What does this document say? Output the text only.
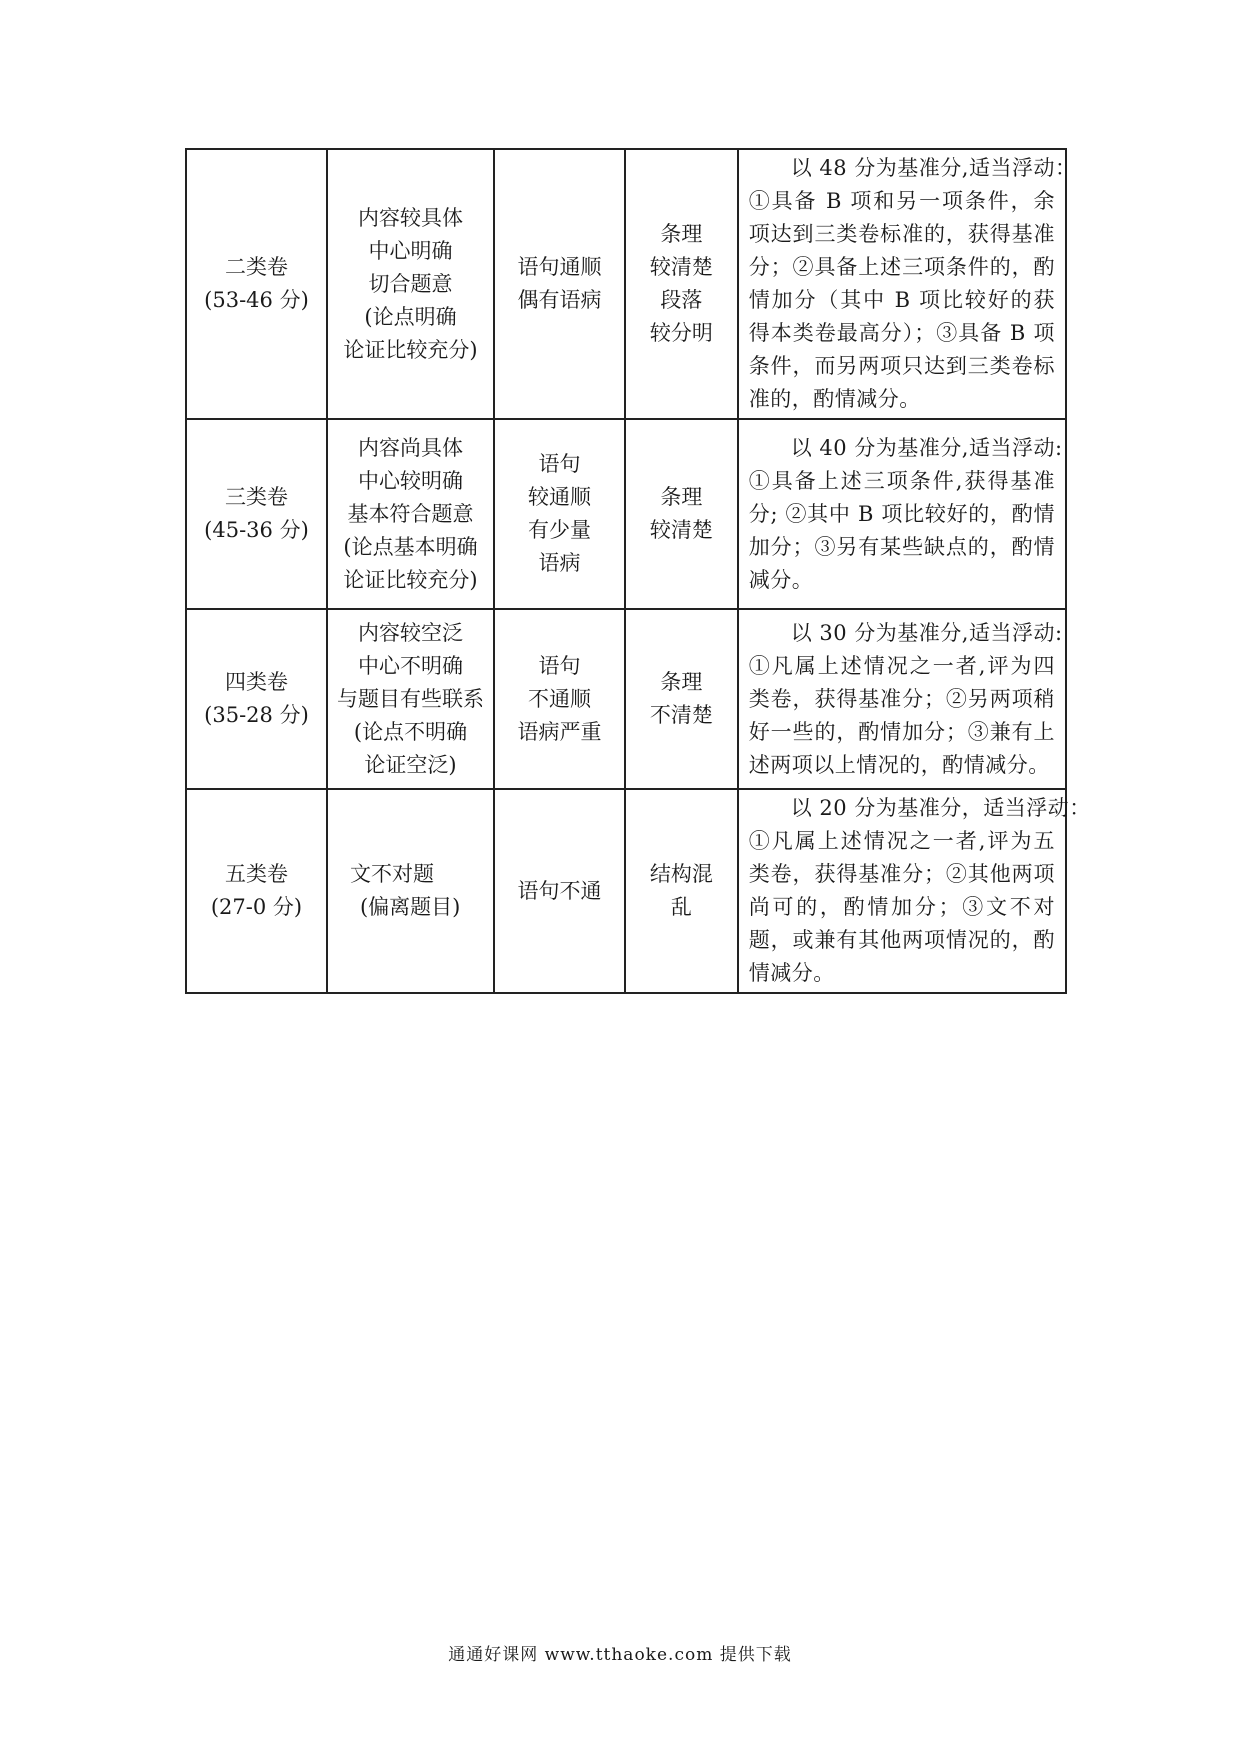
二类卷
(53-46 分)	内容较具体
中心明确
切合题意
(论点明确
论证比较充分)	语句通顺
偶有语病	条理
较清楚
段落
较分明	以 48 分为基准分,适当浮动：
①具备 B 项和另一项条件，余项达到三类卷标准的，获得基准分；②具备上述三项条件的，酌情加分（其中 B 项比较好的获得本类卷最高分）；③具备 B 项条件，而另两项只达到三类卷标准的，酌情减分。

三类卷
(45-36 分)	内容尚具体
中心较明确
基本符合题意
(论点基本明确
论证比较充分)	语句
较通顺
有少量
语病	条理
较清楚	以 40 分为基准分,适当浮动:
①具备上述三项条件,获得基准分; ②其中 B 项比较好的，酌情加分；③另有某些缺点的，酌情减分。

四类卷
(35-28 分)	内容较空泛
中心不明确
与题目有些联系
(论点不明确
论证空泛)	语句
不通顺
语病严重	条理
不清楚	以 30 分为基准分,适当浮动:
①凡属上述情况之一者,评为四类卷，获得基准分；②另两项稍好一些的，酌情加分；③兼有上述两项以上情况的，酌情减分。

五类卷
(27-0 分)	文不对题
(偏离题目)	语句不通	结构混
乱	以 20 分为基准分，适当浮动：
①凡属上述情况之一者,评为五类卷，获得基准分；②其他两项尚可的，酌情加分；③文不对题，或兼有其他两项情况的，酌情减分。
通通好课网 www.tthaoke.com 提供下载
